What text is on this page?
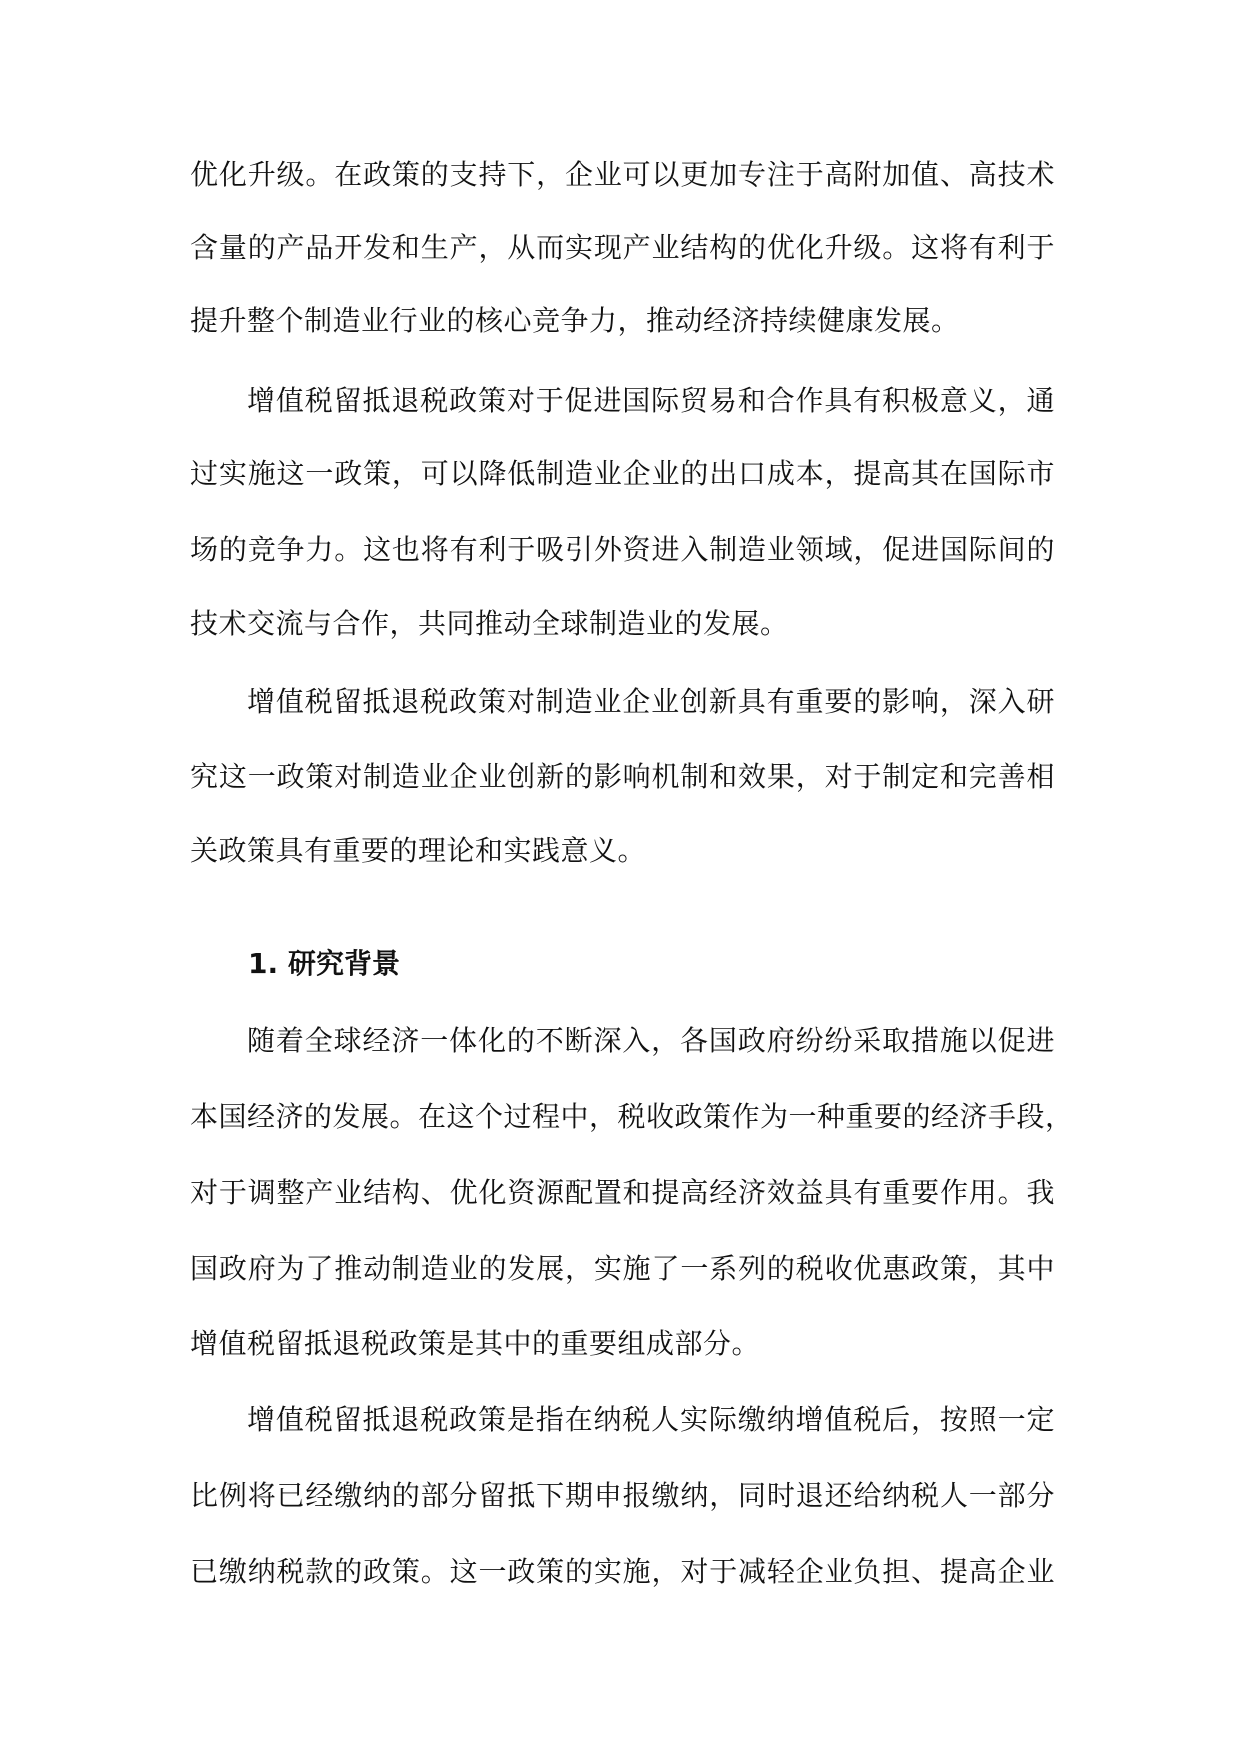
优化升级。在政策的支持下，企业可以更加专注于高附加值、高技术
含量的产品开发和生产，从而实现产业结构的优化升级。这将有利于
提升整个制造业行业的核心竞争力，推动经济持续健康发展。
增值税留抵退税政策对于促进国际贸易和合作具有积极意义，通
过实施这一政策，可以降低制造业企业的出口成本，提高其在国际市
场的竞争力。这也将有利于吸引外资进入制造业领域，促进国际间的
技术交流与合作，共同推动全球制造业的发展。
增值税留抵退税政策对制造业企业创新具有重要的影响，深入研
究这一政策对制造业企业创新的影响机制和效果，对于制定和完善相
关政策具有重要的理论和实践意义。
1. 研究背景
随着全球经济一体化的不断深入，各国政府纷纷采取措施以促进
本国经济的发展。在这个过程中，税收政策作为一种重要的经济手段，
对于调整产业结构、优化资源配置和提高经济效益具有重要作用。我
国政府为了推动制造业的发展，实施了一系列的税收优惠政策，其中
增值税留抵退税政策是其中的重要组成部分。
增值税留抵退税政策是指在纳税人实际缴纳增值税后，按照一定
比例将已经缴纳的部分留抵下期申报缴纳，同时退还给纳税人一部分
已缴纳税款的政策。这一政策的实施，对于减轻企业负担、提高企业
